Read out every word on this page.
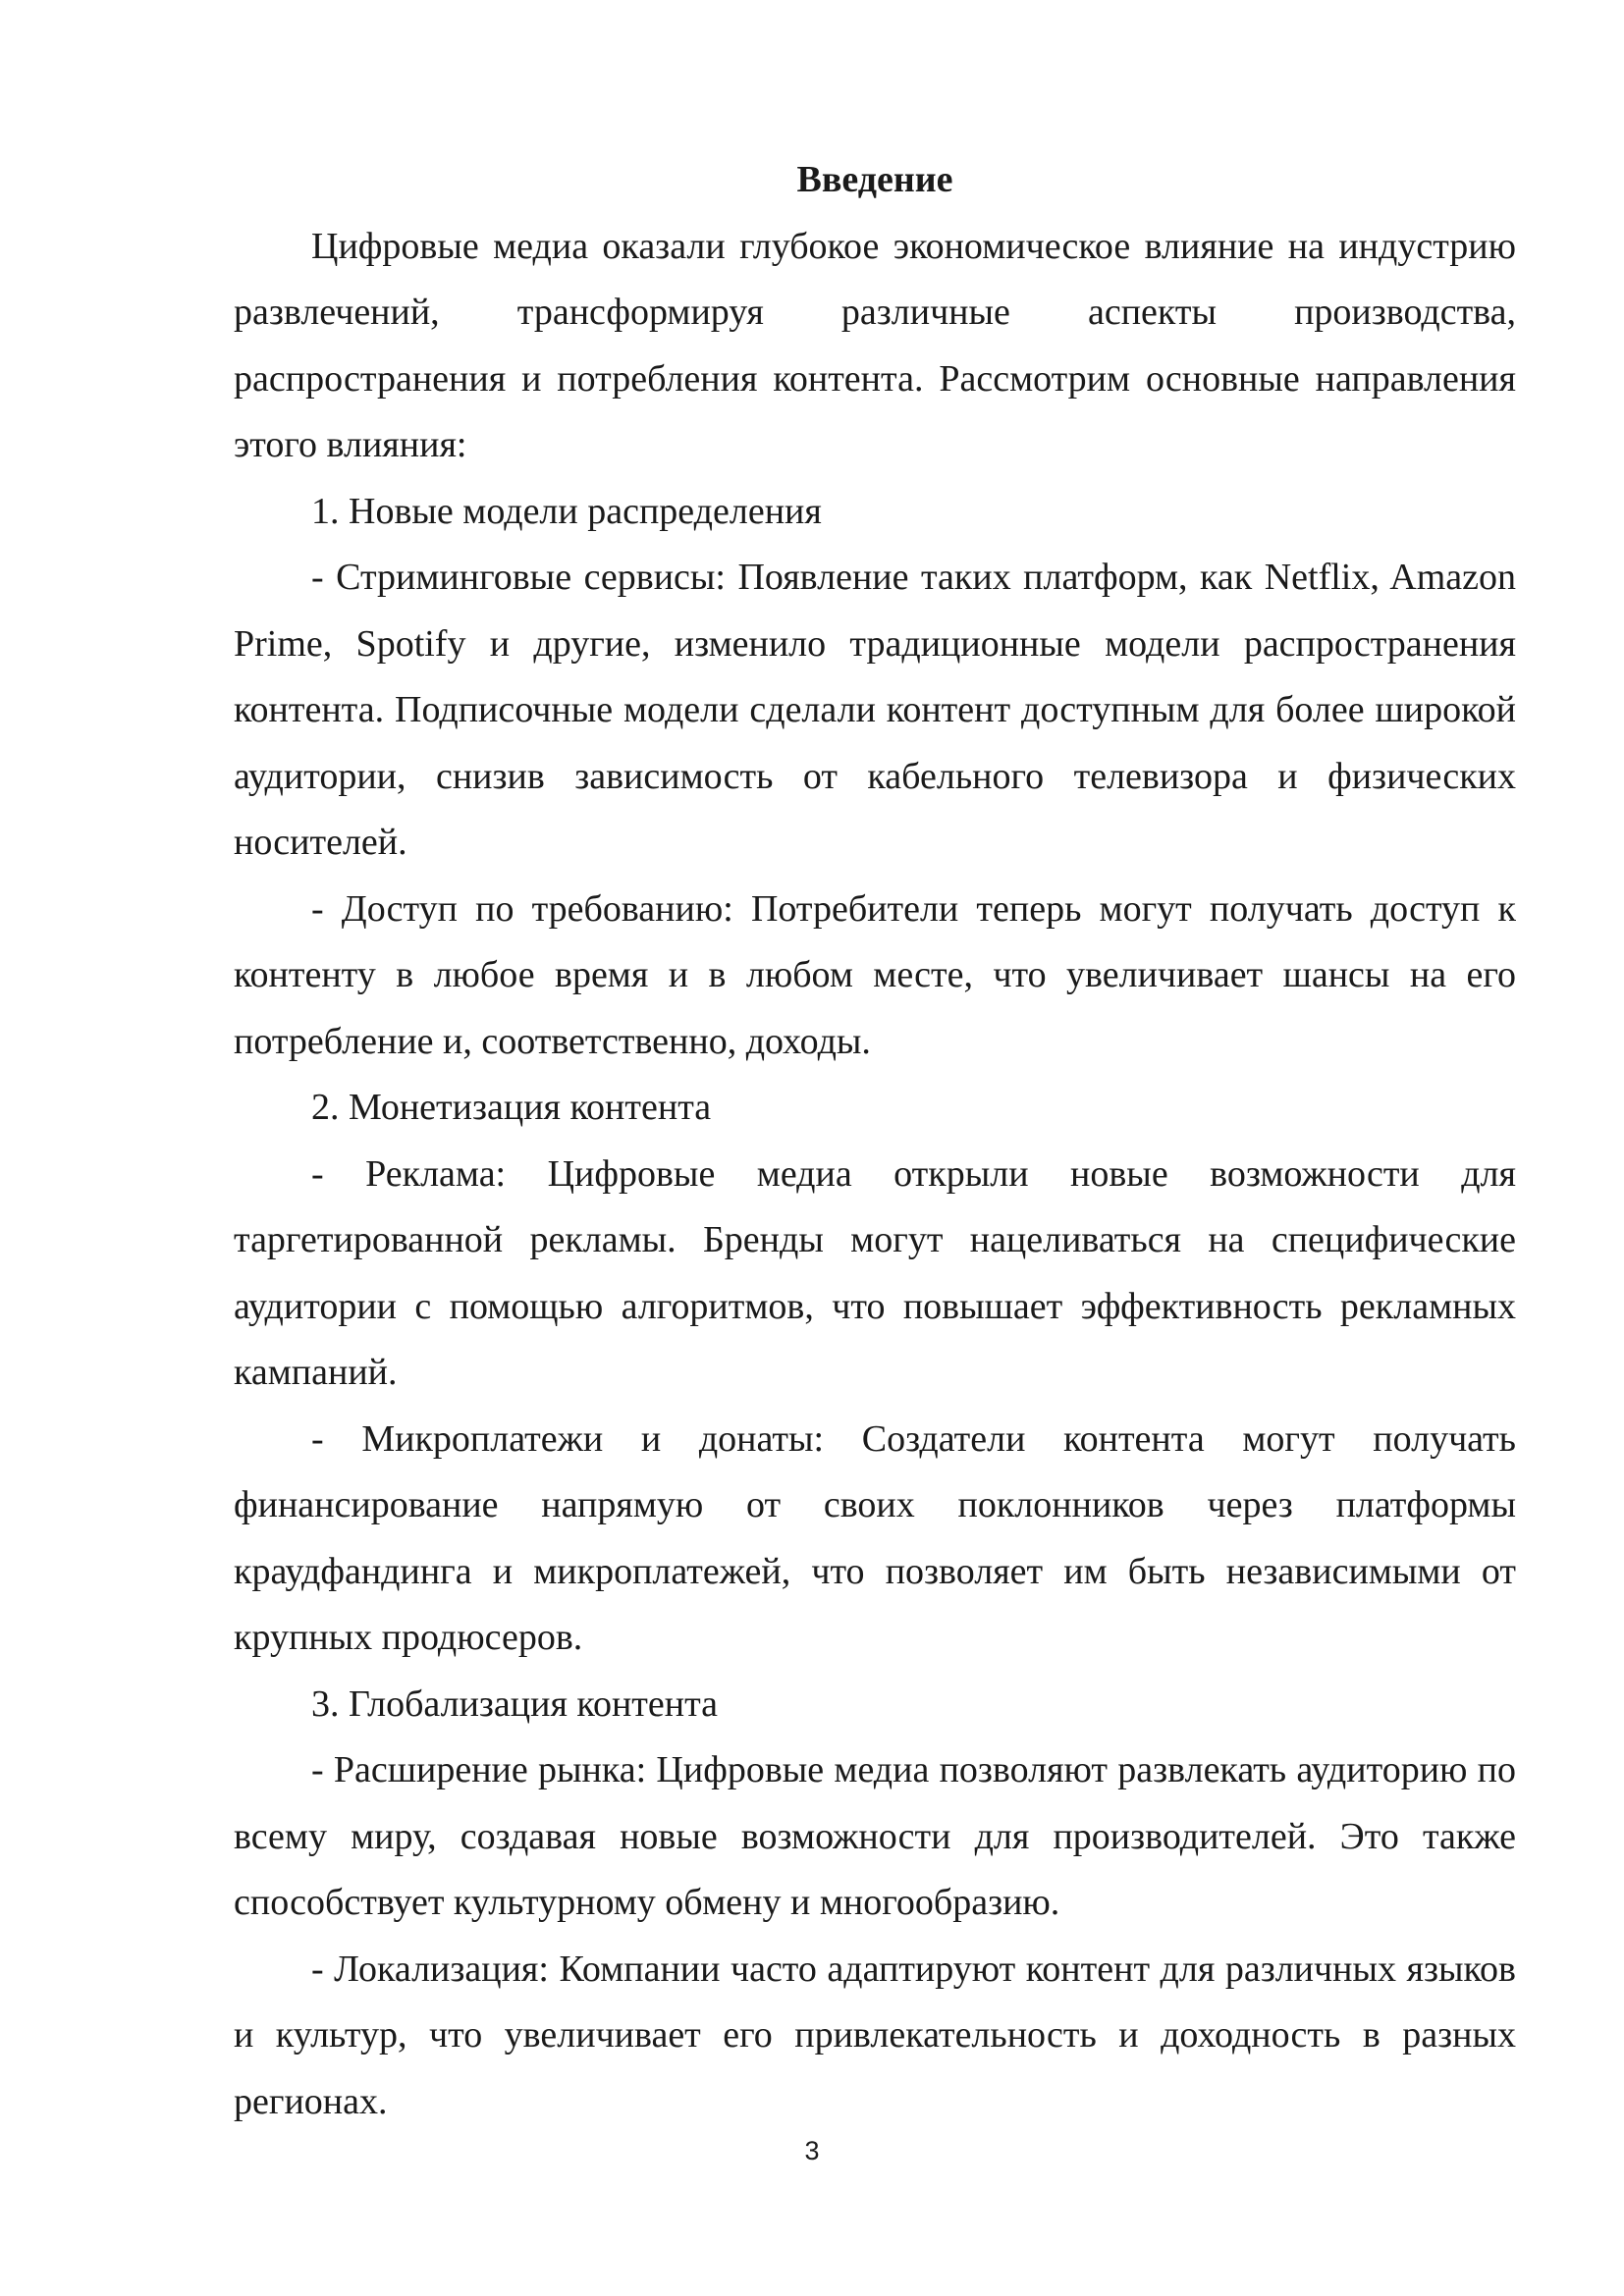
Введение

Цифровые медиа оказали глубокое экономическое влияние на индустрию развлечений, трансформируя различные аспекты производства, распространения и потребления контента. Рассмотрим основные направления этого влияния:

1. Новые модели распределения

- Стриминговые сервисы: Появление таких платформ, как Netflix, Amazon Prime, Spotify и другие, изменило традиционные модели распространения контента. Подписочные модели сделали контент доступным для более широкой аудитории, снизив зависимость от кабельного телевизора и физических носителей.

- Доступ по требованию: Потребители теперь могут получать доступ к контенту в любое время и в любом месте, что увеличивает шансы на его потребление и, соответственно, доходы.

2. Монетизация контента

- Реклама: Цифровые медиа открыли новые возможности для таргетированной рекламы. Бренды могут нацеливаться на специфические аудитории с помощью алгоритмов, что повышает эффективность рекламных кампаний.

- Микроплатежи и донаты: Создатели контента могут получать финансирование напрямую от своих поклонников через платформы краудфандинга и микроплатежей, что позволяет им быть независимыми от крупных продюсеров.

3. Глобализация контента

- Расширение рынка: Цифровые медиа позволяют развлекать аудиторию по всему миру, создавая новые возможности для производителей. Это также способствует культурному обмену и многообразию.

- Локализация: Компании часто адаптируют контент для различных языков и культур, что увеличивает его привлекательность и доходность в разных регионах.

3
